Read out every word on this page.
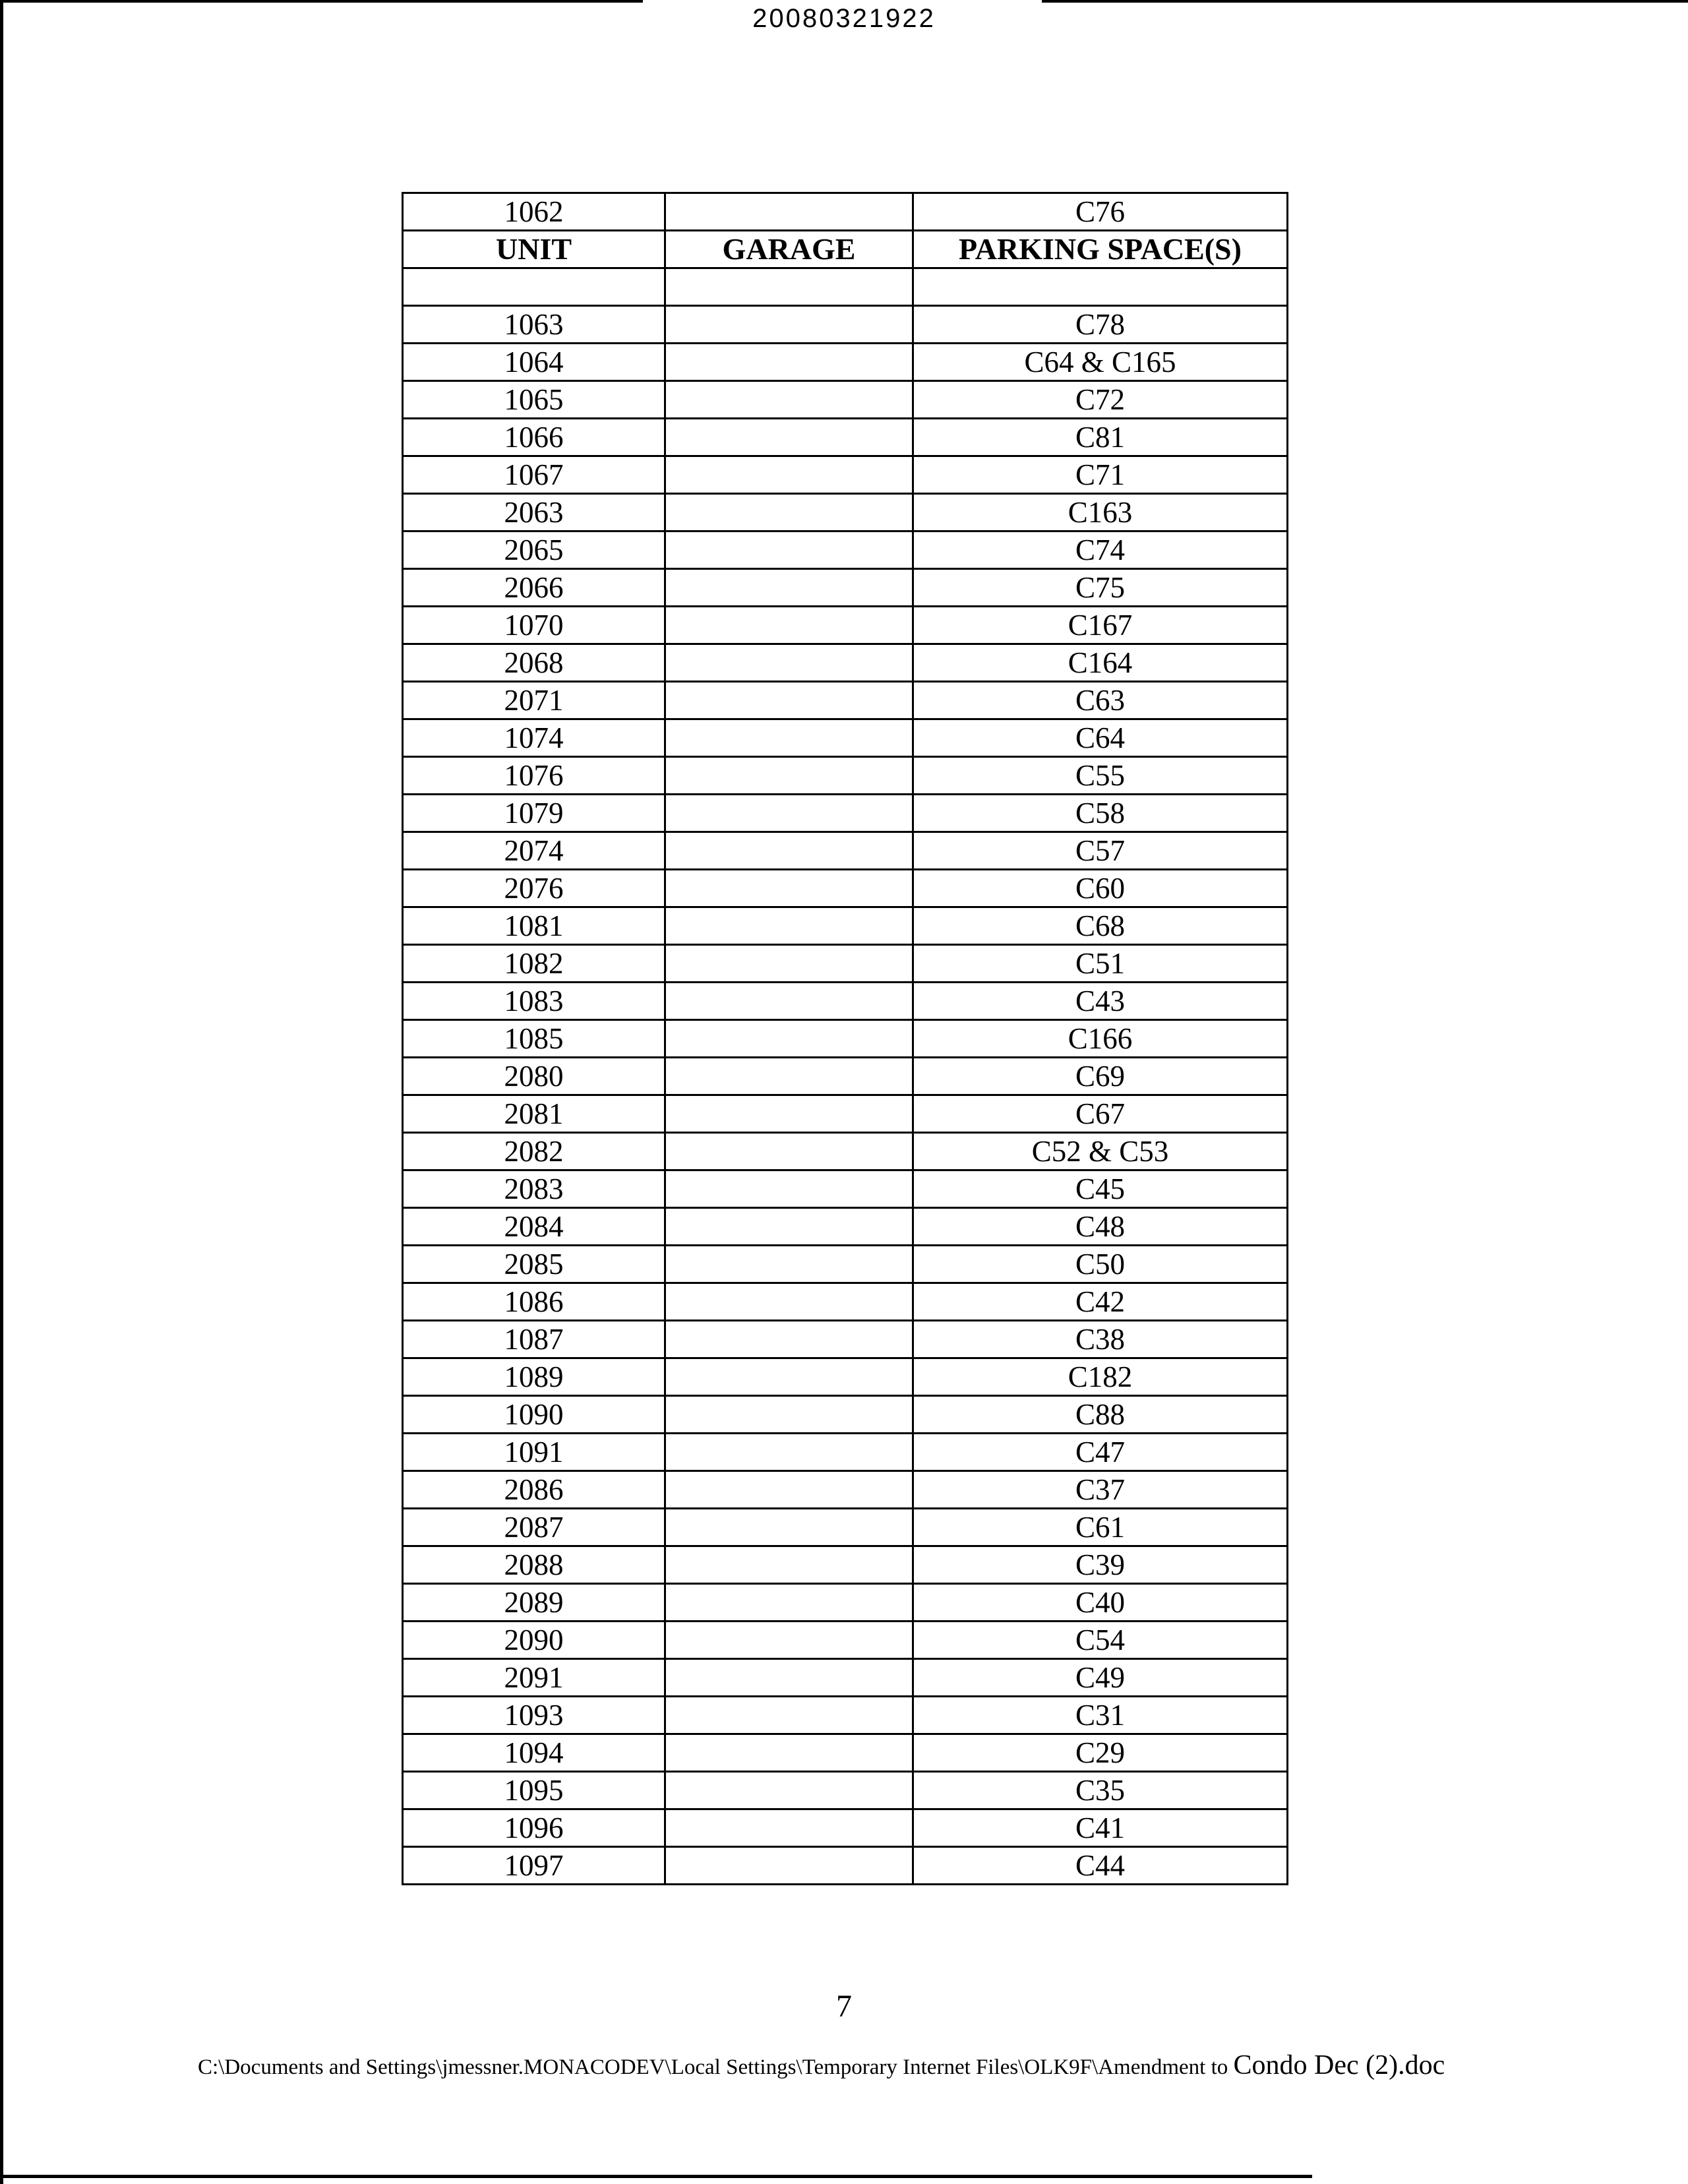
20080321922
1062		C76
UNIT	GARAGE	PARKING SPACE(S)

1063		C78
1064		C64 & C165
1065		C72
1066		C81
1067		C71
2063		C163
2065		C74
2066		C75
1070		C167
2068		C164
2071		C63
1074		C64
1076		C55
1079		C58
2074		C57
2076		C60
1081		C68
1082		C51
1083		C43
1085		C166
2080		C69
2081		C67
2082		C52 & C53
2083		C45
2084		C48
2085		C50
1086		C42
1087		C38
1089		C182
1090		C88
1091		C47
2086		C37
2087		C61
2088		C39
2089		C40
2090		C54
2091		C49
1093		C31
1094		C29
1095		C35
1096		C41
1097		C44
7
C:\Documents and Settings\jmessner.MONACODEV\Local Settings\Temporary Internet Files\OLK9F\Amendment to Condo Dec (2).doc
